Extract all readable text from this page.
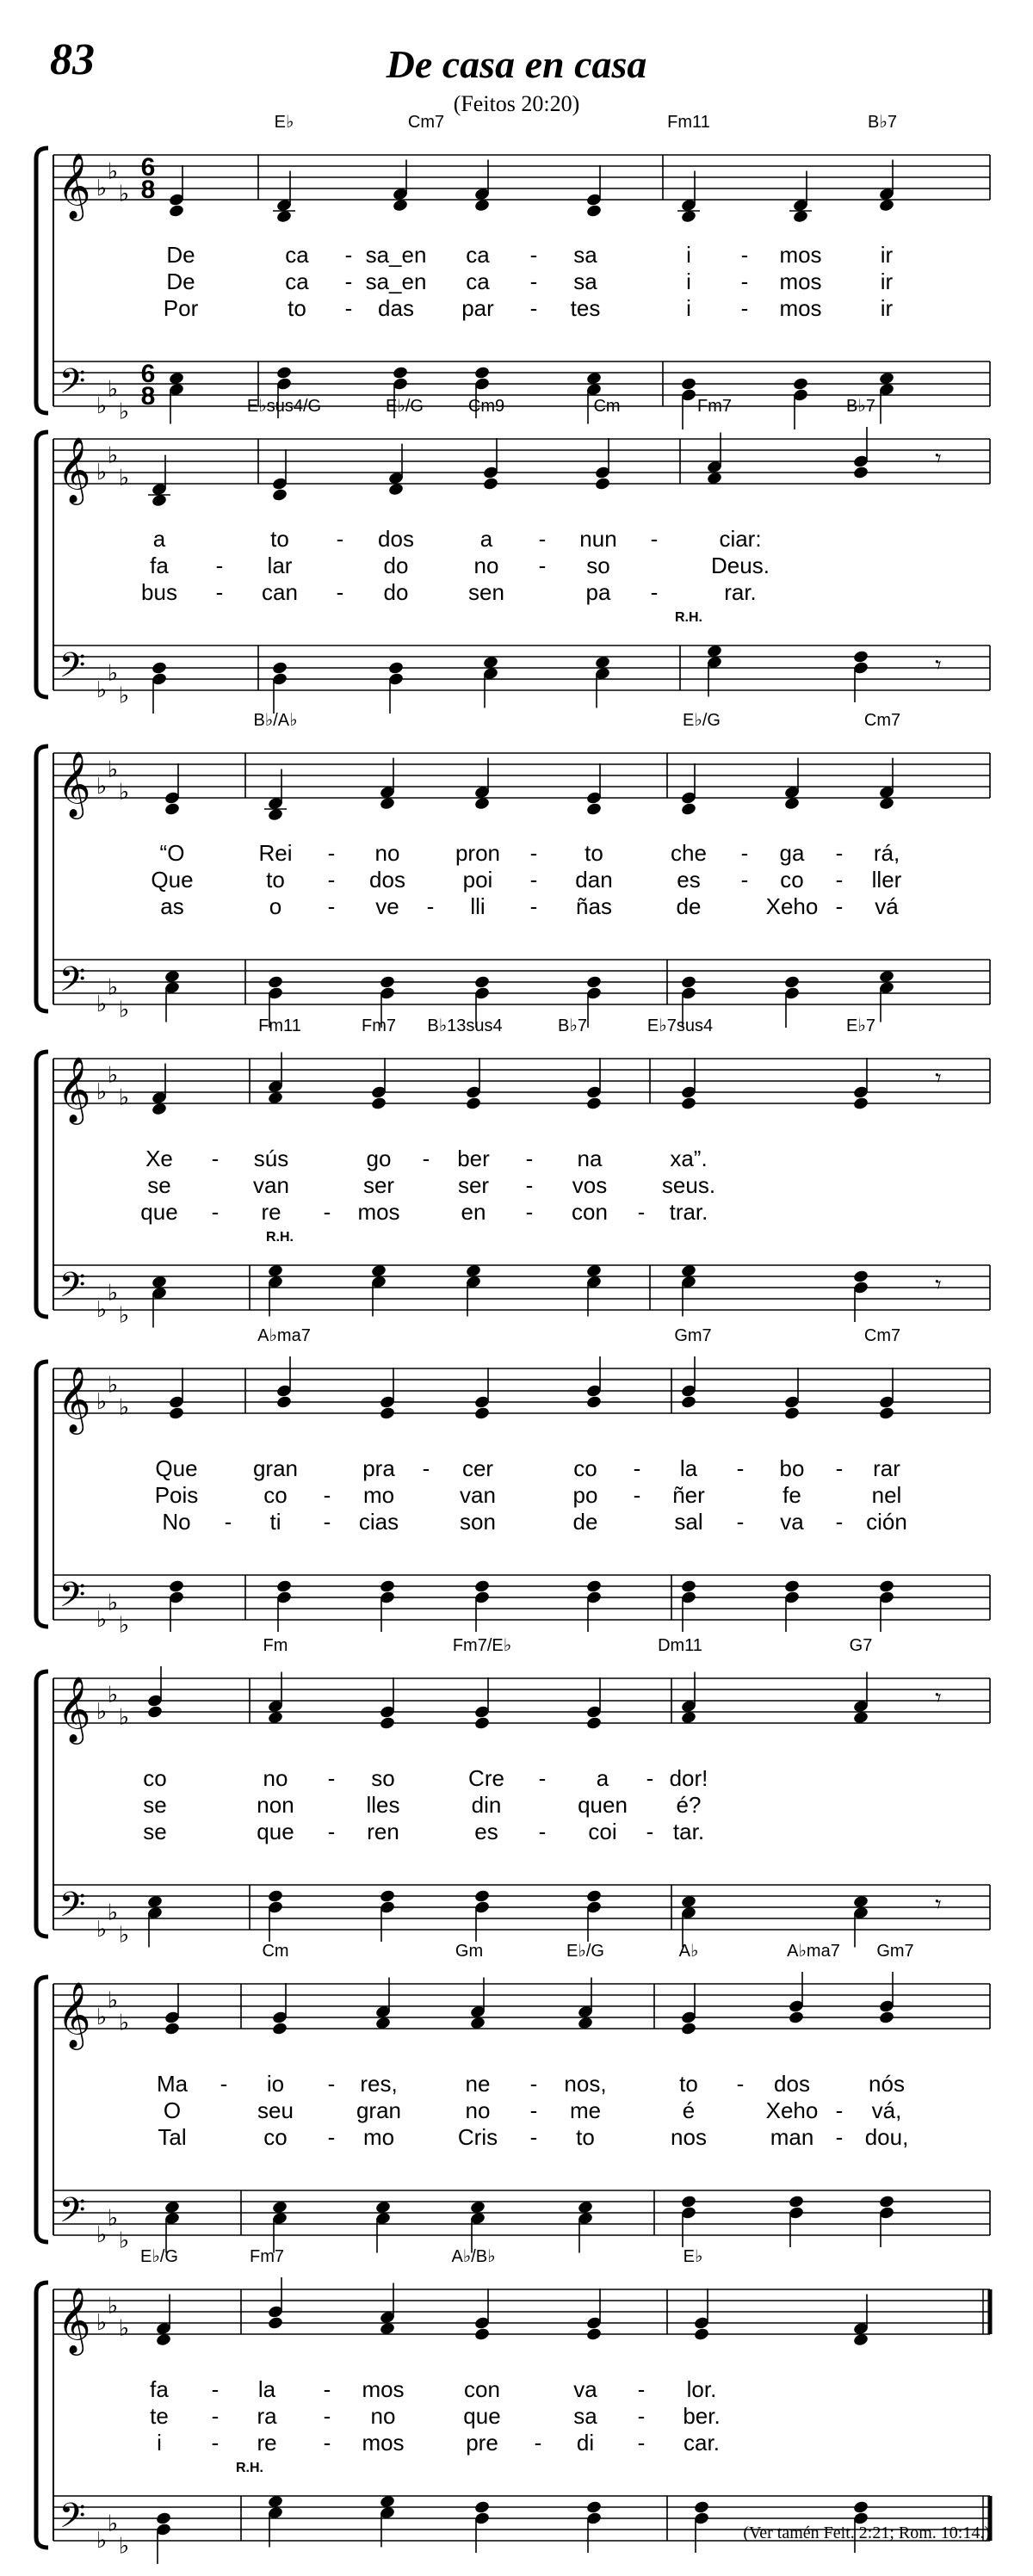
83	De casa en casa
(Feitos 20:20)
𝄞
𝄢
♭
♭
♭
♭
♭
♭
6
8
6
8
E♭	Cm7	Fm11	B♭7
De	ca - sa_en ca - sa	i - mos	ir
De	ca - sa_en ca - sa	i - mos	ir
Por	to - das par - tes	i - mos	ir
𝄞
𝄢
♭
♭
♭
♭
♭
♭
𝄾
𝄾
R.H.
E♭sus4/G	E♭/G	Cm9	Cm	Fm7	B♭7
a	to - dos	a - nun -	ciar:
fa - lar	do	no - so	Deus.
bus - can - do	sen	pa -	rar.
𝄞
𝄢
♭
♭
♭
♭
♭
♭
B♭/A♭	E♭/G	Cm7
“O	Rei - no pron - to	che - ga - rá,
Que	to - dos	poi - dan	es - co - ller
as	o - ve - lli - ñas	de	Xeho - vá
𝄞
𝄢
♭
♭
♭
♭
♭
♭
𝄾
𝄾
R.H.
Fm11	Fm7 B♭13sus4	B♭7	E♭7sus4	E♭7
Xe - sús	go - ber - na	xa”.
se	van	ser	ser - vos seus.
que - re - mos	en - con - trar.
𝄞
𝄢
♭
♭
♭
♭
♭
♭
A♭ma7	Gm7	Cm7
Que gran	pra - cer	co - la - bo - rar
Pois	co - mo	van	po - ñer	fe	nel
No - ti - cias	son	de	sal - va - ción
𝄞
𝄢
♭
♭
♭
♭
♭
♭
𝄾
𝄾
Fm	Fm7/E♭	Dm11	G7
co	no - so	Cre - a - dor!
se	non	lles	din	quen é?
se	que - ren	es - coi - tar.
𝄞
𝄢
♭
♭
♭
♭
♭
♭
Cm	Gm	E♭/G	A♭	A♭ma7 Gm7
Ma - io - res,	ne - nos,	to - dos	nós
O	seu	gran	no - me	é	Xeho - vá,
Tal	co - mo	Cris - to	nos	man - dou,
𝄞
𝄢
♭
♭
♭
♭
♭
♭
R.H.
E♭/G	Fm7	A♭/B♭	E♭
fa - la - mos	con	va - lor.
te - ra - no	que	sa - ber.
i - re - mos	pre - di - car.
(Ver tamén Feit. 2:21; Rom. 10:14.)
